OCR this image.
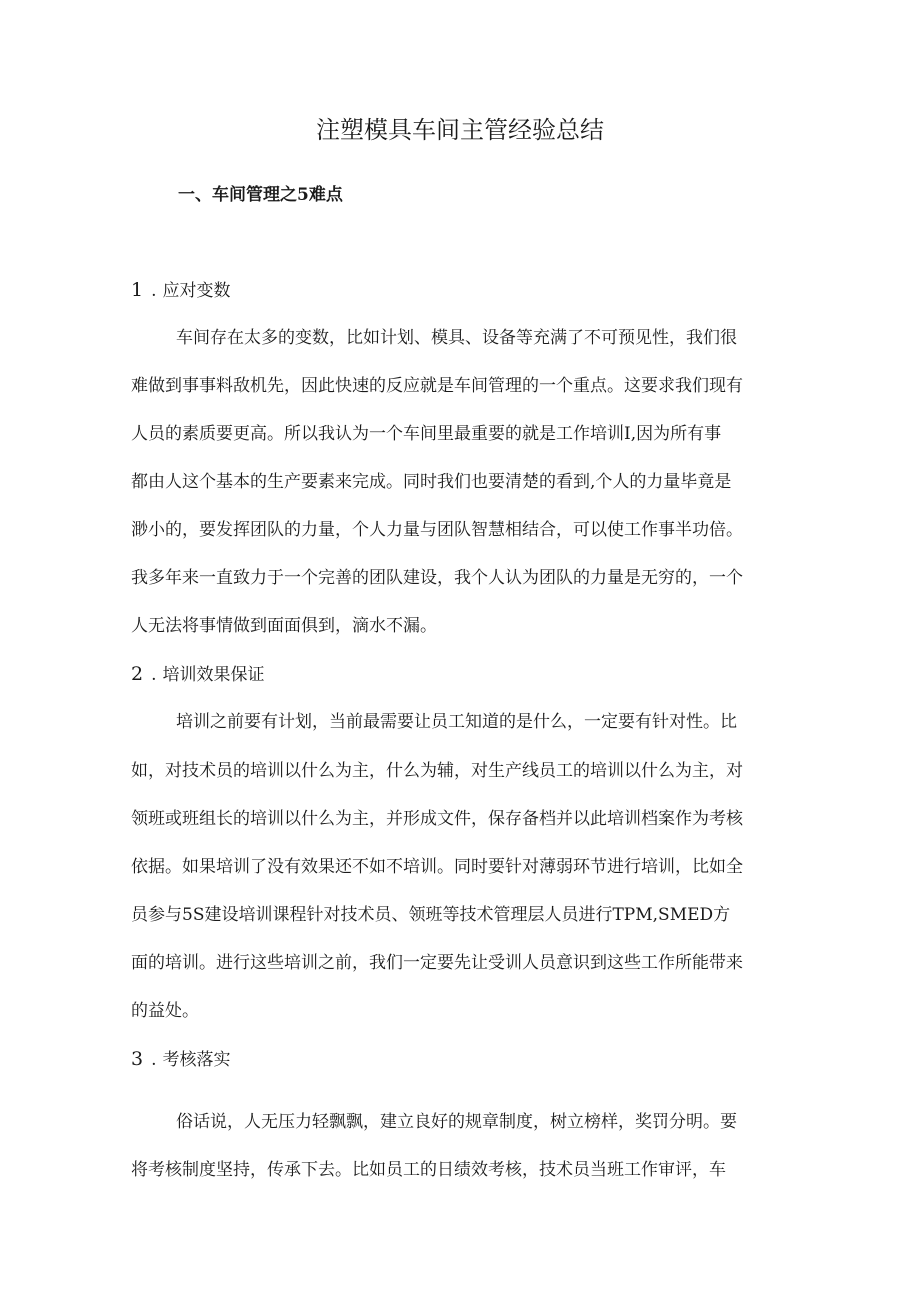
注塑模具车间主管经验总结
一、车间管理之5难点
1 . 应对变数

车间存在太多的变数，比如计划、模具、设备等充满了不可预见性，我们很

难做到事事料敌机先，因此快速的反应就是车间管理的一个重点。这要求我们现有

人员的素质要更高。所以我认为一个车间里最重要的就是工作培训I,因为所有事

都由人这个基本的生产要素来完成。同时我们也要清楚的看到,个人的力量毕竟是

渺小的，要发挥团队的力量，个人力量与团队智慧相结合，可以使工作事半功倍。

我多年来一直致力于一个完善的团队建设，我个人认为团队的力量是无穷的，一个

人无法将事情做到面面俱到，滴水不漏。

2 . 培训效果保证

培训之前要有计划，当前最需要让员工知道的是什么，一定要有针对性。比

如，对技术员的培训以什么为主，什么为辅，对生产线员工的培训以什么为主，对

领班或班组长的培训以什么为主，并形成文件，保存备档并以此培训档案作为考核

依据。如果培训了没有效果还不如不培训。同时要针对薄弱环节进行培训，比如全

员参与5S建设培训课程针对技术员、领班等技术管理层人员进行TPM,SMED方

面的培训。进行这些培训之前，我们一定要先让受训人员意识到这些工作所能带来

的益处。

3 . 考核落实

俗话说，人无压力轻飘飘，建立良好的规章制度，树立榜样，奖罚分明。要

将考核制度坚持，传承下去。比如员工的日绩效考核，技术员当班工作审评，车
